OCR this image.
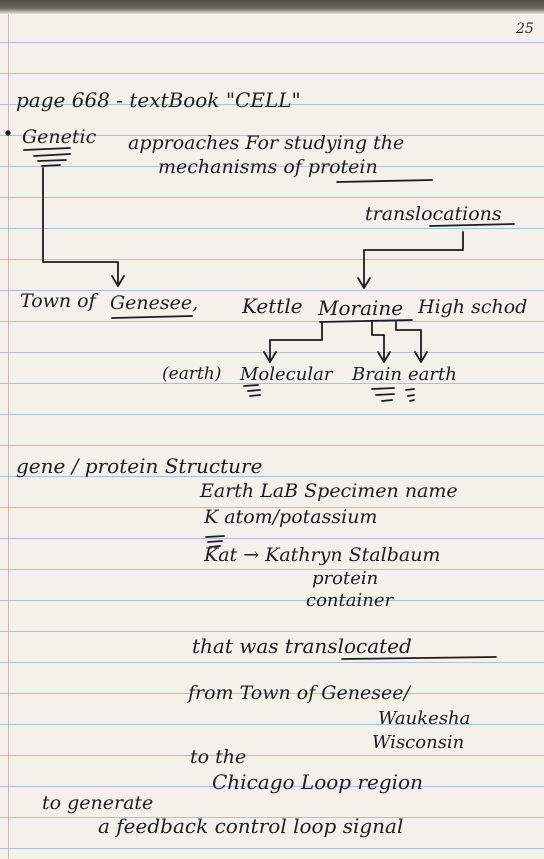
25
page 668 - textBook "CELL"
Genetic approaches For studying the
mechanisms of protein
translocations
Town of Genesee, Kettle Moraine High schod
(earth) Molecular Brain earth
gene / protein Structure
Earth LaB Specimen name
K atom/potassium
Kat → Kathryn Stalbaum
protein
container
that was translocated
from Town of Genesee/
Waukesha
Wisconsin
to the
Chicago Loop region
to generate
a feedback control loop signal
